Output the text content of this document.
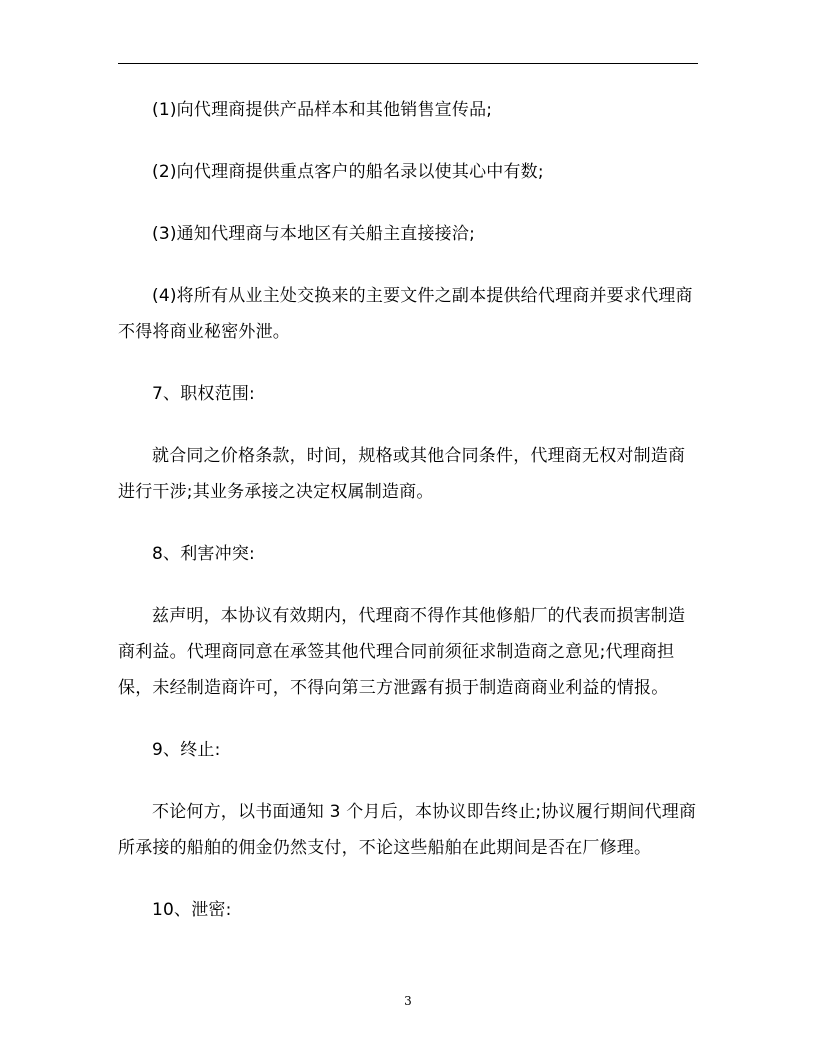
(1)向代理商提供产品样本和其他销售宣传品;

(2)向代理商提供重点客户的船名录以使其心中有数;

(3)通知代理商与本地区有关船主直接接洽;

(4)将所有从业主处交换来的主要文件之副本提供给代理商并要求代理商不得将商业秘密外泄。

7、职权范围:

就合同之价格条款，时间，规格或其他合同条件，代理商无权对制造商进行干涉;其业务承接之决定权属制造商。

8、利害冲突:

兹声明，本协议有效期内，代理商不得作其他修船厂的代表而损害制造商利益。代理商同意在承签其他代理合同前须征求制造商之意见;代理商担保，未经制造商许可，不得向第三方泄露有损于制造商商业利益的情报。

9、终止:

不论何方，以书面通知 3 个月后，本协议即告终止;协议履行期间代理商所承接的船舶的佣金仍然支付，不论这些船舶在此期间是否在厂修理。

10、泄密:

3
